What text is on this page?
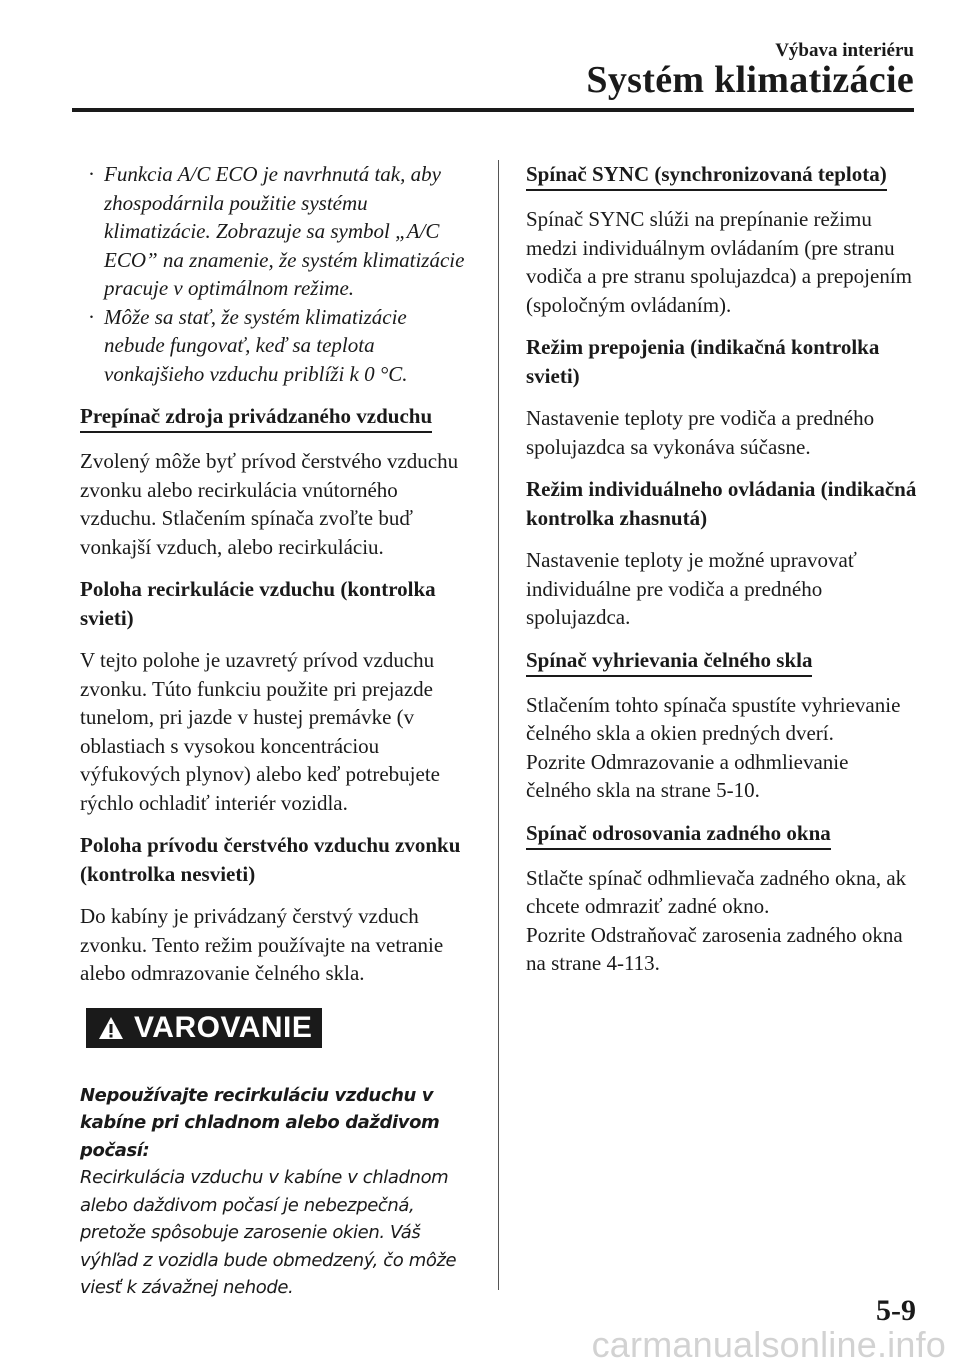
Výbava interiéru
Systém klimatizácie
· Funkcia A/C ECO je navrhnutá tak, aby zhospodárnila použitie systému klimatizácie. Zobrazuje sa symbol „A/C ECO” na znamenie, že systém klimatizácie pracuje v optimálnom režime.
· Môže sa stať, že systém klimatizácie nebude fungovať, keď sa teplota vonkajšieho vzduchu priblíži k 0 °C.
Prepínač zdroja privádzaného vzduchu

Zvolený môže byť prívod čerstvého vzduchu zvonku alebo recirkulácia vnútorného vzduchu. Stlačením spínača zvoľte buď vonkajší vzduch, alebo recirkuláciu.

Poloha recirkulácie vzduchu (kontrolka svieti)

V tejto polohe je uzavretý prívod vzduchu zvonku. Túto funkciu použite pri prejazde tunelom, pri jazde v hustej premávke (v oblastiach s vysokou koncentráciou výfukových plynov) alebo keď potrebujete rýchlo ochladiť interiér vozidla.

Poloha prívodu čerstvého vzduchu zvonku (kontrolka nesvieti)

Do kabíny je privádzaný čerstvý vzduch zvonku. Tento režim používajte na vetranie alebo odmrazovanie čelného skla.

VAROVANIE
Nepoužívajte recirkuláciu vzduchu v kabíne pri chladnom alebo daždivom počasí:
Recirkulácia vzduchu v kabíne v chladnom alebo daždivom počasí je nebezpečná, pretože spôsobuje zarosenie okien. Váš výhľad z vozidla bude obmedzený, čo môže viesť k závažnej nehode.
Spínač SYNC (synchronizovaná teplota)

Spínač SYNC slúži na prepínanie režimu medzi individuálnym ovládaním (pre stranu vodiča a pre stranu spolujazdca) a prepojením (spoločným ovládaním).

Režim prepojenia (indikačná kontrolka svieti)

Nastavenie teploty pre vodiča a predného spolujazdca sa vykonáva súčasne.

Režim individuálneho ovládania (indikačná kontrolka zhasnutá)

Nastavenie teploty je možné upravovať individuálne pre vodiča a predného spolujazdca.

Spínač vyhrievania čelného skla

Stlačením tohto spínača spustíte vyhrievanie čelného skla a okien predných dverí.

Pozrite Odmrazovanie a odhmlievanie čelného skla na strane 5-10.

Spínač odrosovania zadného okna

Stlačte spínač odhmlievača zadného okna, ak chcete odmraziť zadné okno.

Pozrite Odstraňovač zarosenia zadného okna na strane 4-113.

5-9
carmanualsonline.info
